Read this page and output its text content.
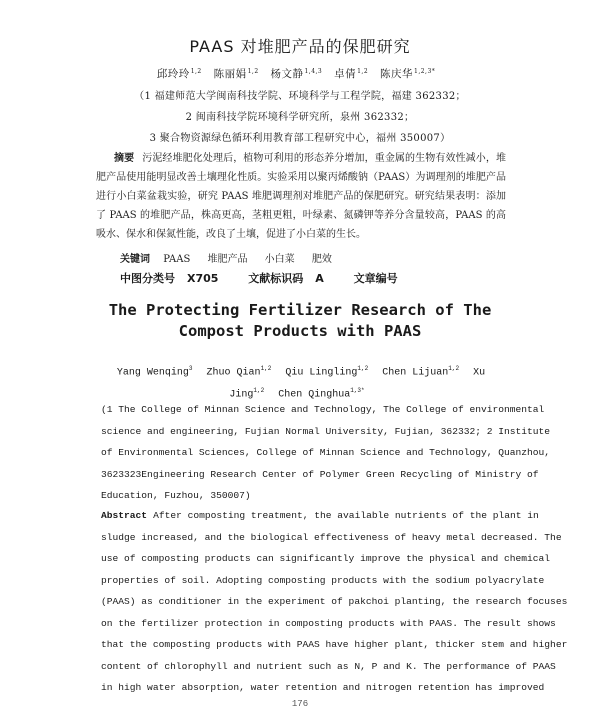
PAAS 对堆肥产品的保肥研究
邱玲玲$^{1,2}$ 陈丽娟$^{1,2}$ 杨文静$^{1,4,3}$ 卓倩$^{1,2}$ 陈庆华$^{1,2,3*}$
（1 福建师范大学闽南科技学院、环境科学与工程学院，福建 362332；
2 闽南科技学院环境科学研究所，泉州 362332；
3 聚合物资源绿色循环利用教育部工程研究中心，福州 350007）
摘要 污泥经堆肥化处理后，植物可利用的形态养分增加，重金属的生物有效性减小，堆肥产品使用能明显改善土壤理化性质。实验采用以聚丙烯酸钠（PAAS）为调理剂的堆肥产品进行小白菜盆栽实验，研究 PAAS 堆肥调理剂对堆肥产品的保肥研究。研究结果表明：添加了 PAAS 的堆肥产品，株高更高，茎粗更粗，叶绿素、氮磷钾等养分含量较高，PAAS 的高吸水、保水和保氮性能，改良了土壤，促进了小白菜的生长。
关键词 PAAS 堆肥产品 小白菜 肥效
中图分类号 X705	文献标识码 A	文章编号
The Protecting Fertilizer Research of The
Compost Products with PAAS
Yang Wenqing$^3$ Zhuo Qian$^{1,2}$ Qiu Lingling$^{1,2}$ Chen Lijuan$^{1,2}$ Xu Jing$^{1,2}$ Chen Qinghua$^{1,3*}$
(1 The College of Minnan Science and Technology, The College of environmental
science and engineering, Fujian Normal University, Fujian, 362332; 2 Institute
of Environmental Sciences, College of Minnan Science and Technology, Quanzhou,
3623323Engineering Research Center of Polymer Green Recycling of Ministry of
Education, Fuzhou, 350007)
Abstract After composting treatment, the available nutrients of the plant in
sludge increased, and the biological effectiveness of heavy metal decreased. The
use of composting products can significantly improve the physical and chemical
properties of soil. Adopting composting products with the sodium polyacrylate
(PAAS) as conditioner in the experiment of pakchoi planting, the research focuses
on the fertilizer protection in composting products with PAAS. The result shows
that the composting products with PAAS have higher plant, thicker stem and higher
content of chlorophyll and nutrient such as N, P and K. The performance of PAAS
in high water absorption, water retention and nitrogen retention has improved
176
